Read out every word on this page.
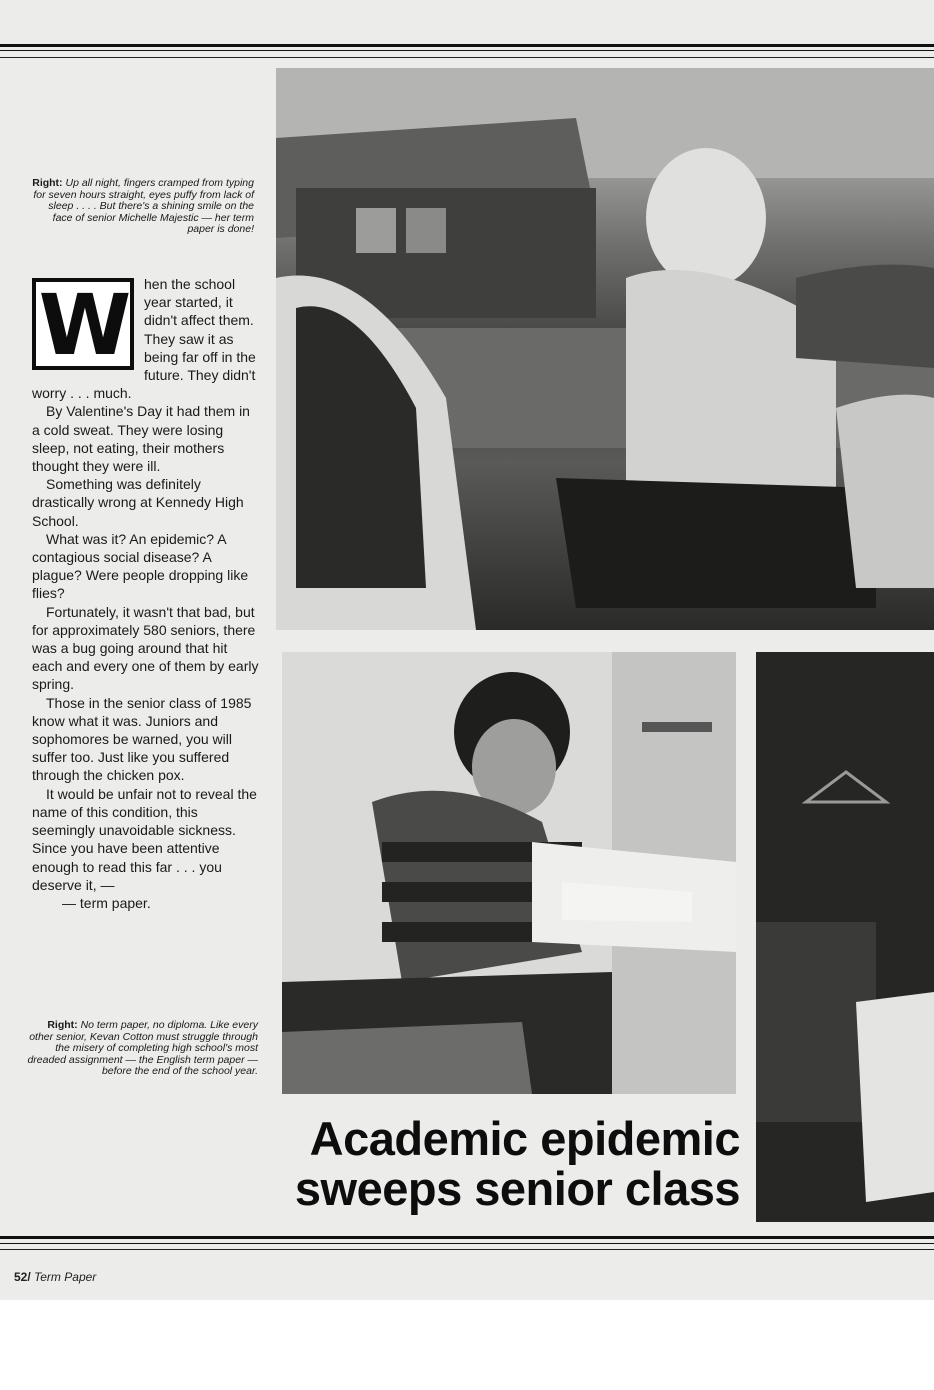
Right: Up all night, fingers cramped from typing for seven hours straight, eyes puffy from lack of sleep . . . . But there's a shining smile on the face of senior Michelle Majestic — her term paper is done!
W	hen the school year started, it didn't affect them. They saw it as being far off in the future. They didn't worry . . . much.

By Valentine's Day it had them in a cold sweat. They were losing sleep, not eating, their mothers thought they were ill.

Something was definitely drastically wrong at Kennedy High School.

What was it? An epidemic? A contagious social disease? A plague? Were people dropping like flies?

Fortunately, it wasn't that bad, but for approximately 580 seniors, there was a bug going around that hit each and every one of them by early spring.

Those in the senior class of 1985 know what it was. Juniors and sophomores be warned, you will suffer too. Just like you suffered through the chicken pox.

It would be unfair not to reveal the name of this condition, this seemingly unavoidable sickness. Since you have been attentive enough to read this far . . . you deserve it, —

— term paper.

Right: No term paper, no diploma. Like every other senior, Kevan Cotton must struggle through the misery of completing high school's most dreaded assignment — the English term paper — before the end of the school year.
Academic epidemic
sweeps senior class
52/ Term Paper
